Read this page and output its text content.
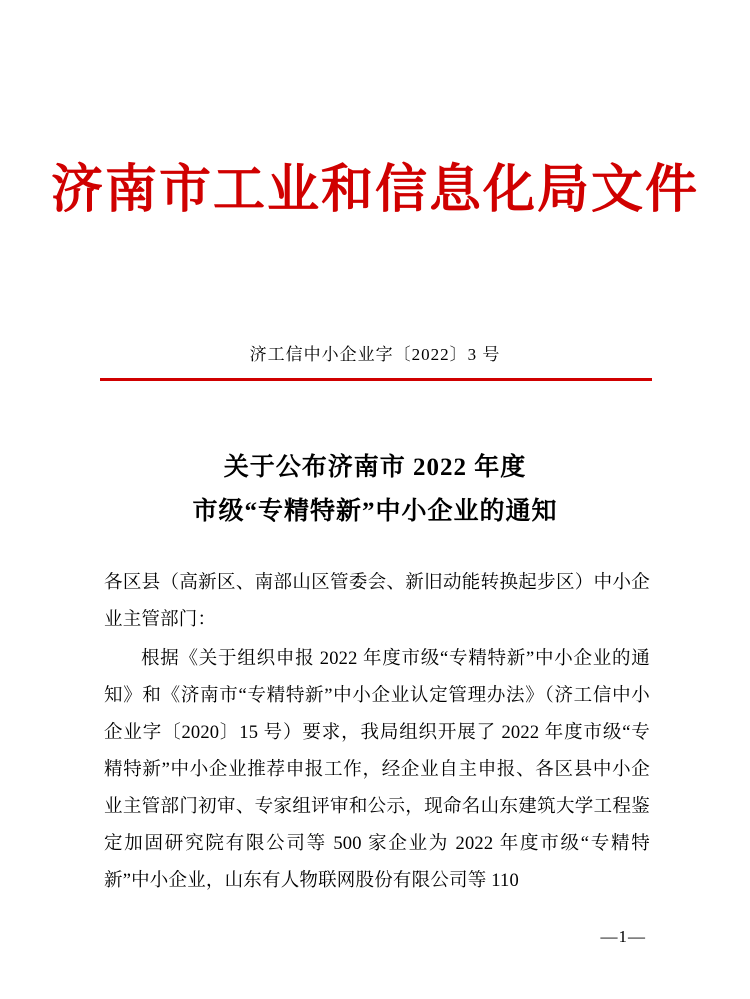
济南市工业和信息化局文件
济工信中小企业字〔2022〕3 号
关于公布济南市 2022 年度
市级“专精特新”中小企业的通知

各区县（高新区、南部山区管委会、新旧动能转换起步区）中小企业主管部门：

根据《关于组织申报 2022 年度市级“专精特新”中小企业的通知》和《济南市“专精特新”中小企业认定管理办法》（济工信中小企业字〔2020〕15 号）要求，我局组织开展了 2022 年度市级“专精特新”中小企业推荐申报工作，经企业自主申报、各区县中小企业主管部门初审、专家组评审和公示，现命名山东建筑大学工程鉴定加固研究院有限公司等 500 家企业为 2022 年度市级“专精特新”中小企业，山东有人物联网股份有限公司等 110

—1—
